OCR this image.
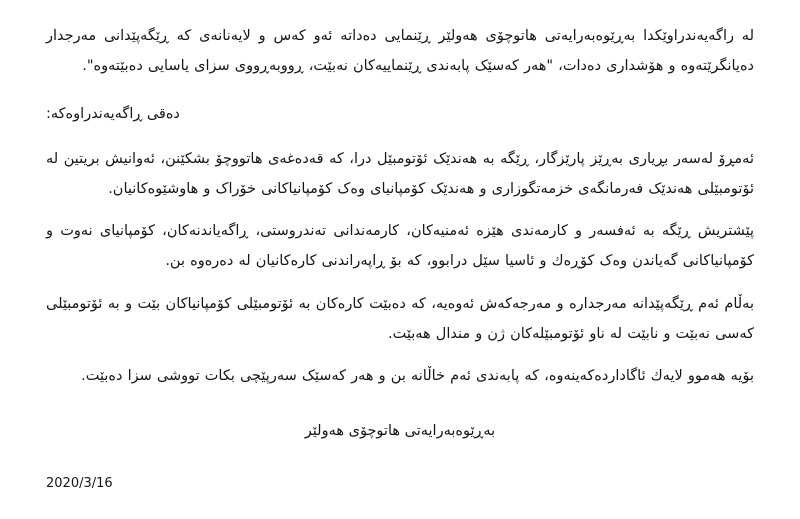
له‌ راگه‌یه‌ندراوێکدا به‌ڕێوه‌به‌رایه‌تی هاتوچۆی هه‌ولێر ڕێنمایی ده‌داته‌ ئه‌و که‌س و لایه‌نانه‌ی که‌ ڕێگه‌پێدانی مه‌رجدار ده‌یانگرێته‌وه‌ و هۆشداری ده‌دات، "هه‌ر که‌سێک پابه‌ندی ڕێنماییه‌کان نه‌بێت، ڕووبه‌ڕووی سزای یاسایی ده‌بێته‌وه‌".

ده‌قی ڕاگه‌یه‌ندراوه‌که‌:

ئه‌مڕۆ له‌سه‌ر بڕیاری به‌ڕێز پارێزگار، ڕێگه‌ به‌ هه‌ندێک ئۆتومبێل درا، که‌ قه‌ده‌غه‌ی هاتووچۆ بشکێنن، ئه‌وانیش بریتین له‌ ئۆتومبێلی هه‌ندێک فه‌رمانگه‌ی خزمه‌تگوزاری و هه‌ندێک کۆمپانیای وه‌ک کۆمپانیاکانی خۆراک و هاوشێوه‌کانیان.

پێشتریش ڕێگه‌ به‌ ئه‌فسه‌ر و کارمه‌ندی هێزه‌ ئه‌منیه‌کان، کارمه‌ندانی ته‌ندروستی، ڕاگه‌یاندنه‌کان، کۆمپانیای نه‌وت و کۆمپانیاکانی گه‌یاندن وه‌ک کۆڕه‌ك و ئاسیا سێل درابوو، که‌ بۆ ڕاپه‌راندنی کاره‌کانیان له‌ ده‌ره‌وه‌ بن.

به‌ڵام ئه‌م ڕێگه‌پێدانه‌ مه‌رجداره‌ و مه‌رجه‌که‌ش ئه‌وه‌یه‌، که‌ ده‌بێت کاره‌کان به‌ ئۆتومبێلی کۆمپانیاکان بێت و به‌ ئۆتومبێلی که‌سی نه‌بێت و نابێت له‌ ناو ئۆتومبێله‌کان ژن و مندال هه‌بێت.

بۆیه‌ هه‌موو لایه‌ك ئاگادارده‌که‌ینه‌وه‌، که‌ پابه‌ندی ئه‌م خاڵانه‌ بن و هه‌ر که‌سێک سه‌رپێچی بکات تووشی سزا ده‌بێت.

به‌ڕێوه‌به‌رایه‌تی هاتوچۆی هه‌ولێر

2020/3/16
